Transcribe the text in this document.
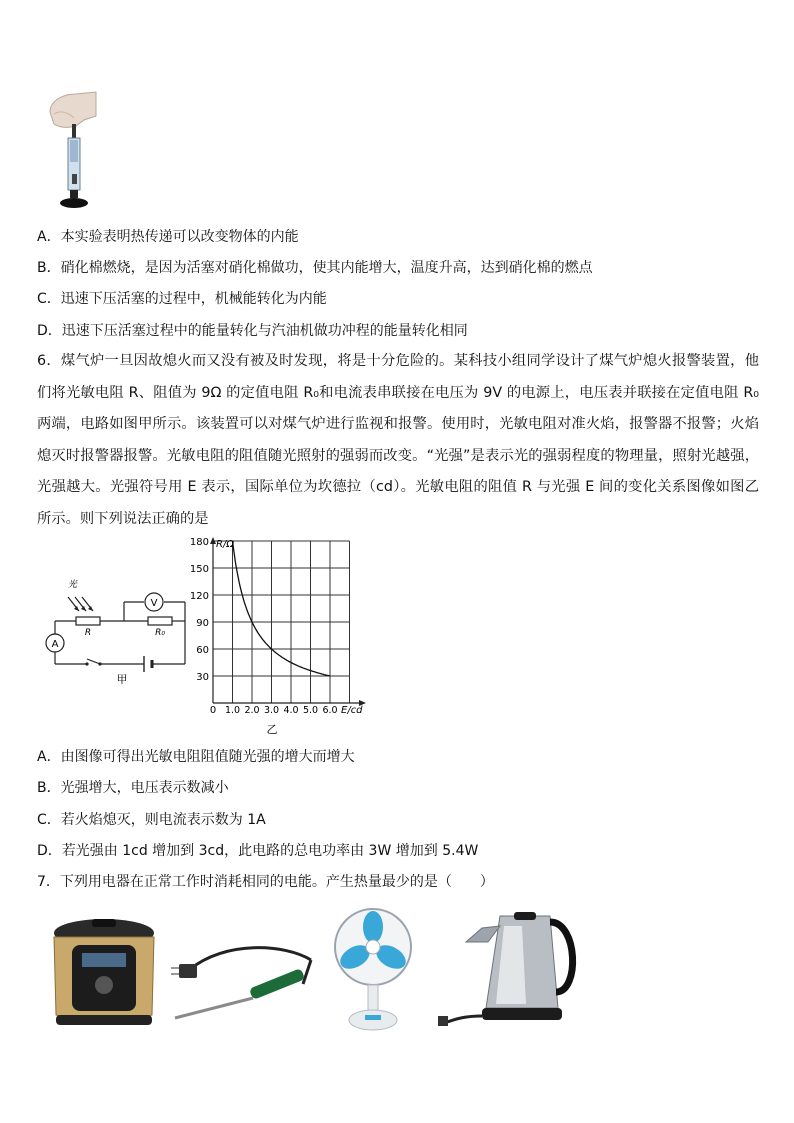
A．本实验表明热传递可以改变物体的内能
B．硝化棉燃烧，是因为活塞对硝化棉做功，使其内能增大，温度升高，达到硝化棉的燃点
C．迅速下压活塞的过程中，机械能转化为内能
D．迅速下压活塞过程中的能量转化与汽油机做功冲程的能量转化相同

6．煤气炉一旦因故熄火而又没有被及时发现，将是十分危险的。某科技小组同学设计了煤气炉熄火报警装置，他们将光敏电阻 R、阻值为 9Ω 的定值电阻 R₀和电流表串联接在电压为 9V 的电源上，电压表并联接在定值电阻 R₀两端，电路如图甲所示。该装置可以对煤气炉进行监视和报警。使用时，光敏电阻对准火焰，报警器不报警；火焰熄灭时报警器报警。光敏电阻的阻值随光照射的强弱而改变。“光强”是表示光的强弱程度的物理量，照射光越强，光强越大。光强符号用 E 表示，国际单位为坎德拉（cd）。光敏电阻的阻值 R 与光强 E 间的变化关系图像如图乙所示。则下列说法正确的是

V
A
光
R	R₀
甲	30
60
90
120
150
180
1.0 2.0 3.0 4.0 5.0 6.0
R/Ω
E/cd
0
乙
A．由图像可得出光敏电阻阻值随光强的增大而增大
B．光强增大，电压表示数减小
C．若火焰熄灭，则电流表示数为 1A
D．若光强由 1cd 增加到 3cd，此电路的总电功率由 3W 增加到 5.4W
7．下列用电器在正常工作时消耗相同的电能。产生热量最少的是（　　）
